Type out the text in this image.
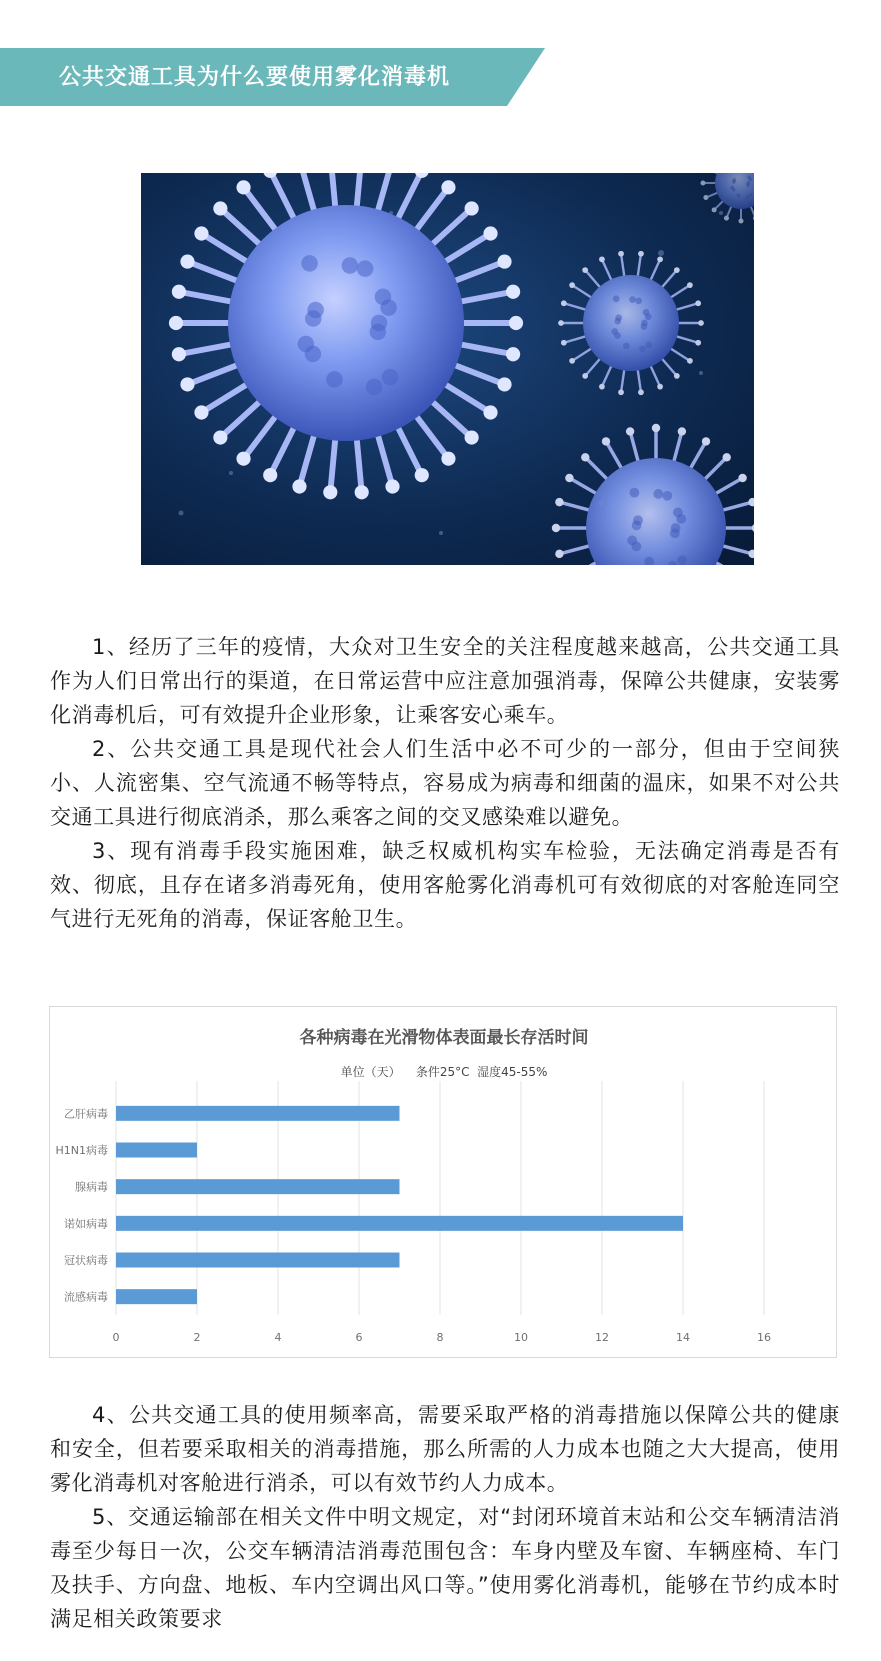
公共交通工具为什么要使用雾化消毒机

1、经历了三年的疫情，大众对卫生安全的关注程度越来越高，公共交通工具作为人们日常出行的渠道，在日常运营中应注意加强消毒，保障公共健康，安装雾化消毒机后，可有效提升企业形象，让乘客安心乘车。

2、公共交通工具是现代社会人们生活中必不可少的一部分，但由于空间狭小、人流密集、空气流通不畅等特点，容易成为病毒和细菌的温床，如果不对公共交通工具进行彻底消杀，那么乘客之间的交叉感染难以避免。

3、现有消毒手段实施困难，缺乏权威机构实车检验，无法确定消毒是否有效、彻底，且存在诸多消毒死角，使用客舱雾化消毒机可有效彻底的对客舱连同空气进行无死角的消毒，保证客舱卫生。

各种病毒在光滑物体表面最长存活时间
单位（天）    条件25°C  湿度45-55%
乙肝病毒
H1N1病毒
腺病毒
诺如病毒
冠状病毒
流感病毒
0	2	4	6	8	10	12	14	16

4、公共交通工具的使用频率高，需要采取严格的消毒措施以保障公共的健康和安全，但若要采取相关的消毒措施，那么所需的人力成本也随之大大提高，使用雾化消毒机对客舱进行消杀，可以有效节约人力成本。

5、交通运输部在相关文件中明文规定，对“封闭环境首末站和公交车辆清洁消毒至少每日一次，公交车辆清洁消毒范围包含：车身内壁及车窗、车辆座椅、车门及扶手、方向盘、地板、车内空调出风口等。”使用雾化消毒机，能够在节约成本时满足相关政策要求
